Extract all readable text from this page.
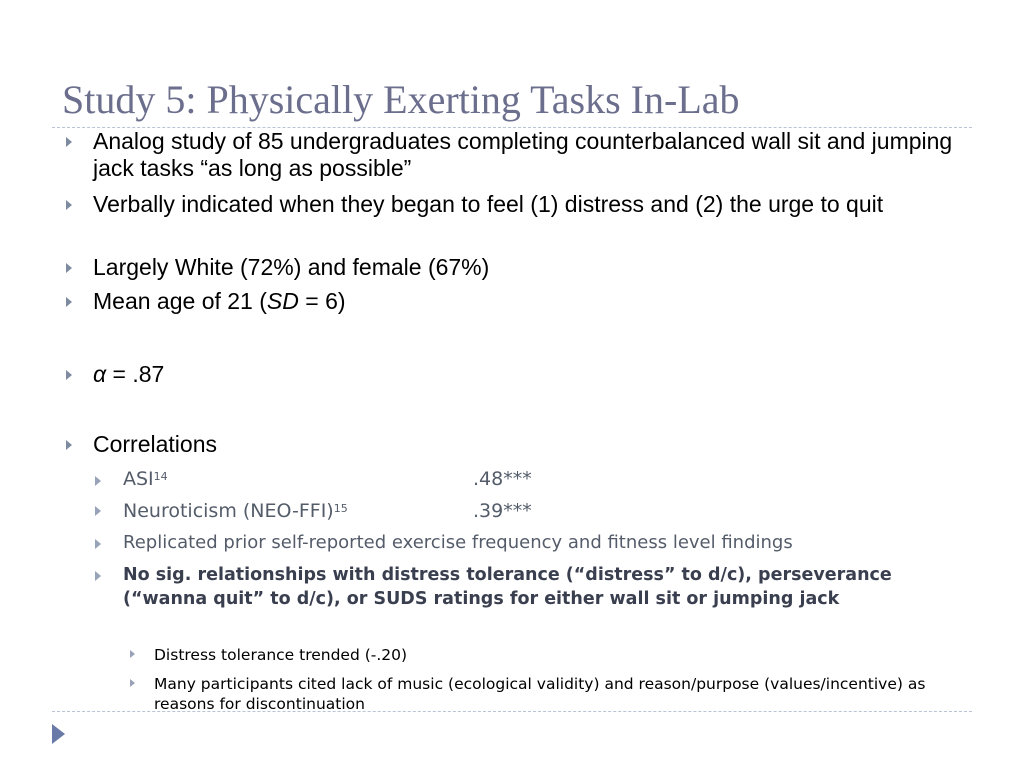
Study 5: Physically Exerting Tasks In-Lab
Analog study of 85 undergraduates completing counterbalanced wall sit and jumping jack tasks “as long as possible”
Verbally indicated when they began to feel (1) distress and (2) the urge to quit
Largely White (72%) and female (67%)
Mean age of 21 (SD = 6)
α = .87
Correlations
ASI$^{14}$	.48***
Neuroticism $(NEO-FFI)^{15}$	.39***
Replicated prior self-reported exercise frequency and fitness level findings
No sig. relationships with distress tolerance (“distress” to d/c), perseverance (“wanna quit” to d/c), or SUDS ratings for either wall sit or jumping jack
Distress tolerance trended (-.20)
Many participants cited lack of music (ecological validity) and reason/purpose (values/incentive) as reasons for discontinuation
